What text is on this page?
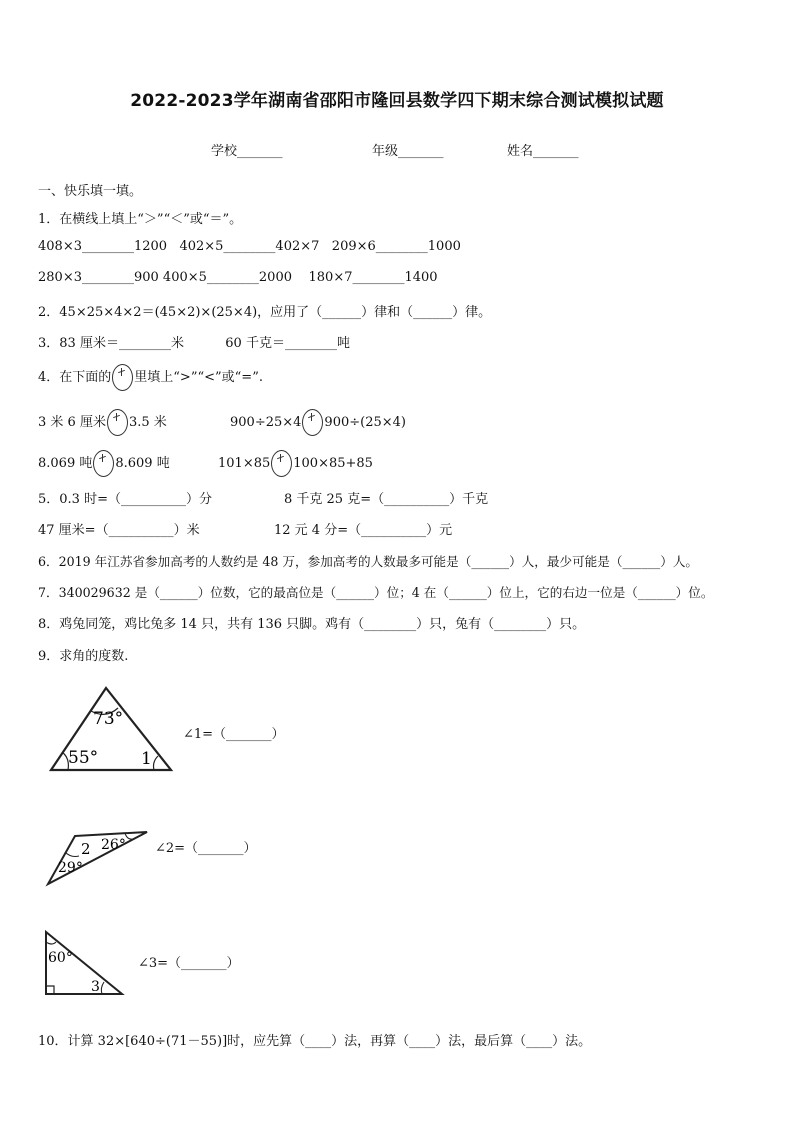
2022-2023学年湖南省邵阳市隆回县数学四下期末综合测试模拟试题
学校_______	年级_______	姓名_______
一、快乐填一填。
1．在横线上填上“＞”“＜”或“＝”。
408×3________1200   402×5________402×7   209×6________1000
280×3________900 400×5________2000    180×7________1400
2．45×25×4×2＝(45×2)×(25×4)，应用了（______）律和（______）律。
3．83 厘米＝________米          60 千克＝________吨
4．在下面的 里填上“>”“<”或“=”.
3 米 6 厘米 3.5 米	900÷25×4 900÷(25×4)
8.069 吨 8.609 吨	101×85 100×85+85
5．0.3 时=（__________）分	8 千克 25 克=（__________）千克
47 厘米=（__________）米	12 元 4 分=（__________）元
6．2019 年江苏省参加高考的人数约是 48 万，参加高考的人数最多可能是（______）人，最少可能是（______）人。
7．340029632 是（______）位数，它的最高位是（______）位；4 在（______）位上，它的右边一位是（______）位。
8．鸡兔同笼，鸡比兔多 14 只，共有 136 只脚。鸡有（________）只，兔有（________）只。
9．求角的度数.
73°
55°	1
∠1=（_______）
2 26°
29°
∠2=（_______）
60°
3
∠3=（_______）
10．计算 32×[640÷(71－55)]时，应先算（____）法，再算（____）法，最后算（____）法。
